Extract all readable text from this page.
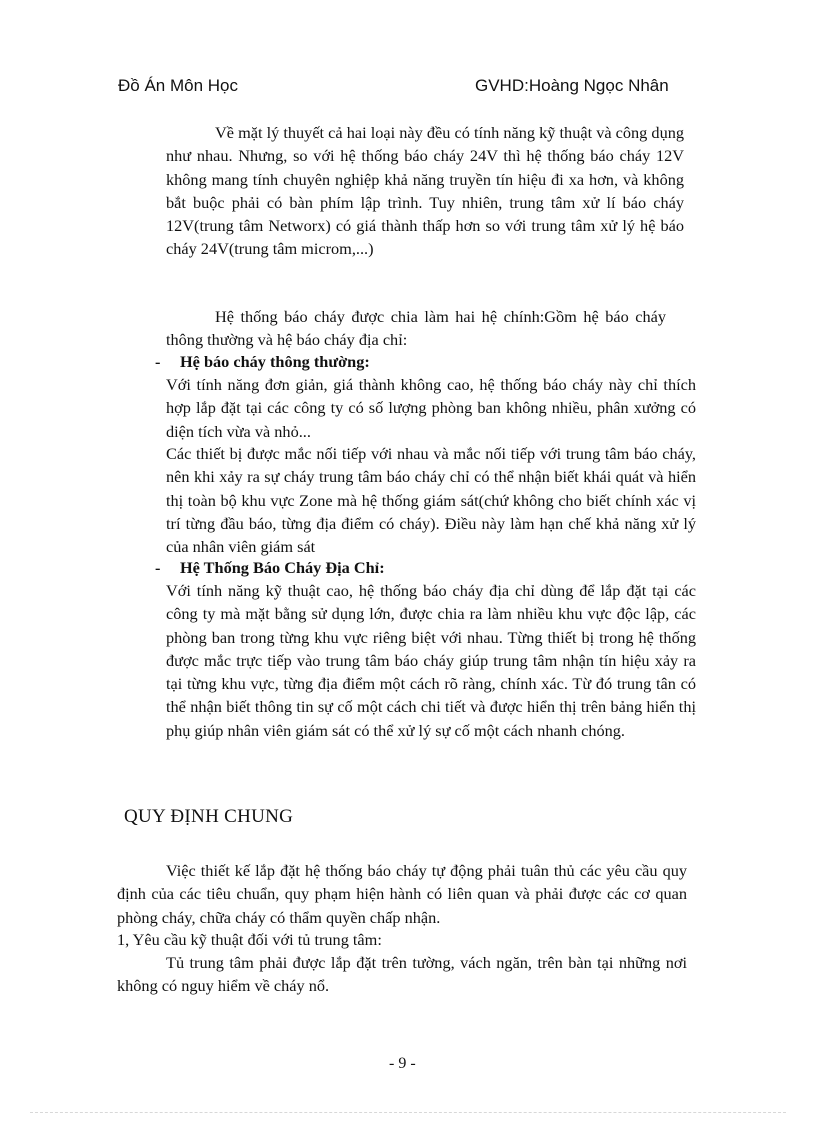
Đồ Án Môn Học	GVHD:Hoàng Ngọc Nhân

Về mặt lý thuyết cả hai loại này đều có tính năng kỹ thuật và công dụng như nhau. Nhưng, so với hệ thống báo cháy 24V thì hệ thống báo cháy 12V không mang tính chuyên nghiệp khả năng truyền tín hiệu đi xa hơn, và không bắt buộc phải có bàn phím lập trình. Tuy nhiên, trung tâm xử lí báo cháy 12V(trung tâm Networx) có giá thành thấp hơn so với trung tâm xử lý hệ báo cháy 24V(trung tâm microm,...)

Hệ thống báo cháy được chia làm hai hệ chính:Gồm hệ báo cháy thông thường và hệ báo cháy địa chỉ:

- Hệ báo cháy thông thường:

Với tính năng đơn giản, giá thành không cao, hệ thống báo cháy này chỉ thích hợp lắp đặt tại các công ty có số lượng phòng ban không nhiều, phân xưởng có diện tích vừa và nhỏ...

Các thiết bị được mắc nối tiếp với nhau và mắc nối tiếp với trung tâm báo cháy, nên khi xảy ra sự cháy trung tâm báo cháy chỉ có thể nhận biết khái quát và hiển thị toàn bộ khu vực Zone mà hệ thống giám sát(chứ không cho biết chính xác vị trí từng đầu báo, từng địa điểm có cháy). Điều này làm hạn chế khả năng xử lý của nhân viên giám sát

- Hệ Thống Báo Cháy Địa Chỉ:

Với tính năng kỹ thuật cao, hệ thống báo cháy địa chỉ dùng để lắp đặt tại các công ty mà mặt bằng sử dụng lớn, được chia ra làm nhiều khu vực độc lập, các phòng ban trong từng khu vực riêng biệt với nhau. Từng thiết bị trong hệ thống được mắc trực tiếp vào trung tâm báo cháy giúp trung tâm nhận tín hiệu xảy ra tại từng khu vực, từng địa điểm một cách rõ ràng, chính xác. Từ đó trung tân có thể nhận biết thông tin sự cố một cách chi tiết và được hiển thị trên bảng hiển thị phụ giúp nhân viên giám sát có thể xử lý sự cố một cách nhanh chóng.

QUY ĐỊNH CHUNG

Việc thiết kế lắp đặt hệ thống báo cháy tự động phải tuân thủ các yêu cầu quy định của các tiêu chuẩn, quy phạm hiện hành có liên quan và phải được các cơ quan phòng cháy, chữa cháy có thẩm quyền chấp nhận.

1, Yêu cầu kỹ thuật đối với tủ trung tâm:

Tủ trung tâm phải được lắp đặt trên tường, vách ngăn, trên bàn tại những nơi không có nguy hiểm về cháy nổ.

- 9 -
